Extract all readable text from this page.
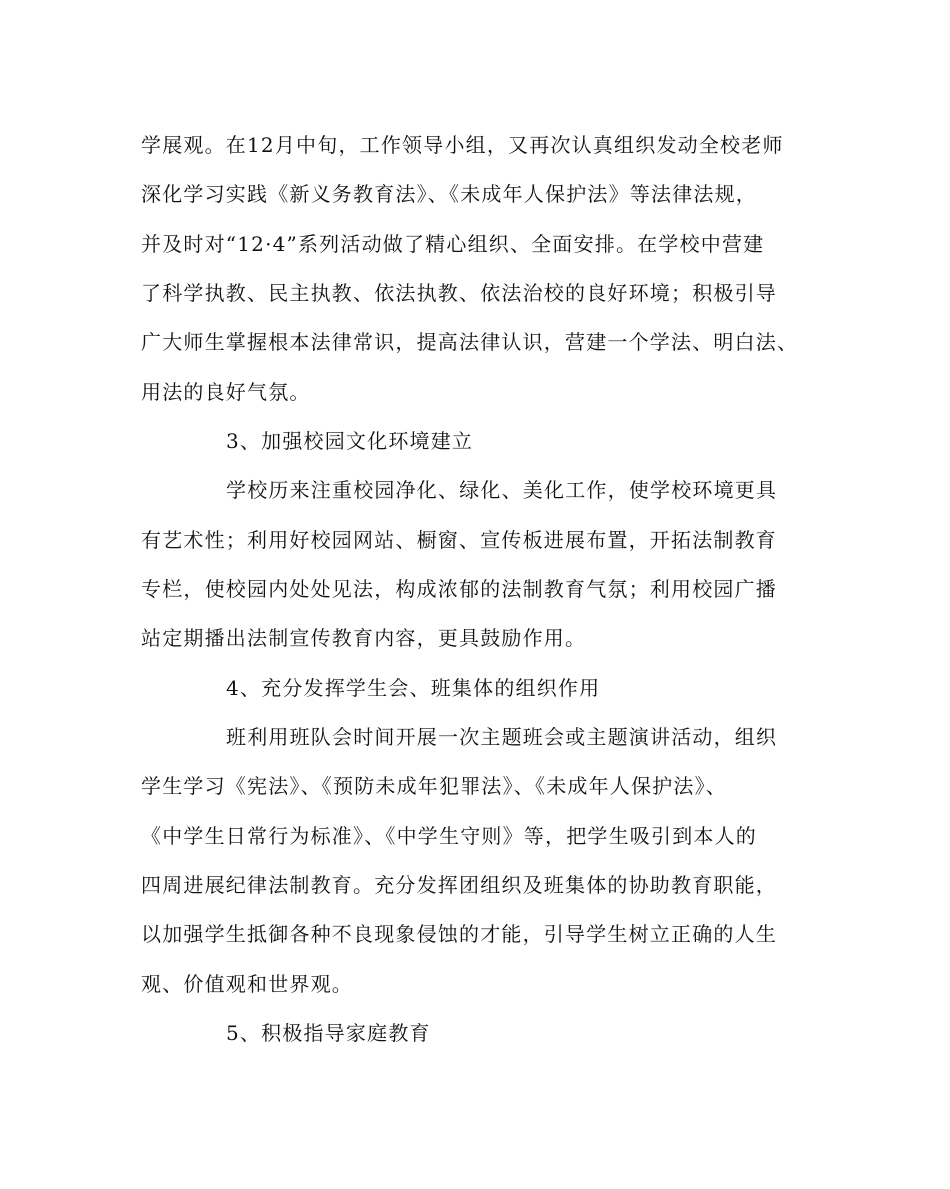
学展观。在12月中旬，工作领导小组，又再次认真组织发动全校老师
深化学习实践《新义务教育法》、《未成年人保护法》等法律法规，
并及时对“12·4”系列活动做了精心组织、全面安排。在学校中营建
了科学执教、民主执教、依法执教、依法治校的良好环境；积极引导
广大师生掌握根本法律常识，提高法律认识，营建一个学法、明白法、
用法的良好气氛。
3、加强校园文化环境建立
学校历来注重校园净化、绿化、美化工作，使学校环境更具
有艺术性；利用好校园网站、橱窗、宣传板进展布置，开拓法制教育
专栏，使校园内处处见法，构成浓郁的法制教育气氛；利用校园广播
站定期播出法制宣传教育内容，更具鼓励作用。
4、充分发挥学生会、班集体的组织作用
班利用班队会时间开展一次主题班会或主题演讲活动，组织
学生学习《宪法》、《预防未成年犯罪法》、《未成年人保护法》、
《中学生日常行为标准》、《中学生守则》等，把学生吸引到本人的
四周进展纪律法制教育。充分发挥团组织及班集体的协助教育职能，
以加强学生抵御各种不良现象侵蚀的才能，引导学生树立正确的人生
观、价值观和世界观。
5、积极指导家庭教育
